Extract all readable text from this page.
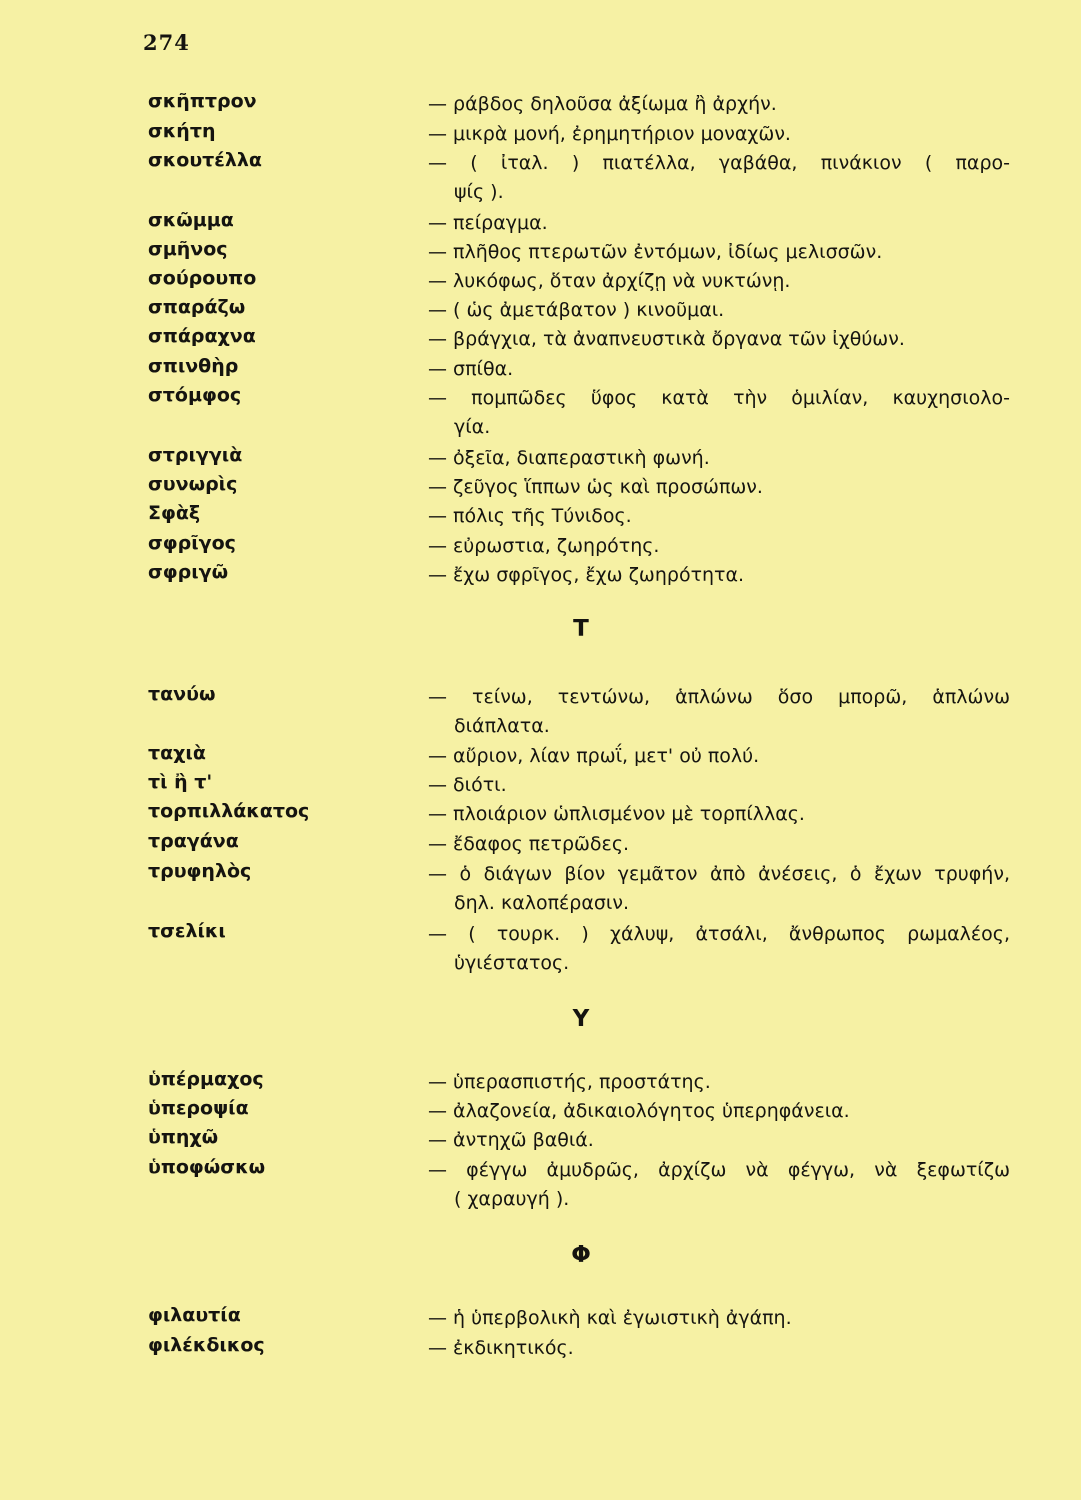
274
σκῆπτρον	— ράβδος δηλοῦσα ἀξίωμα ἢ ἀρχήν.
σκήτη	— μικρὰ μονή, ἐρημητήριον μοναχῶν.
σκουτέλλα	— ( ἰταλ. ) πιατέλλα, γαβάθα, πινάκιον ( παρο-
ψίς ).
σκῶμμα	— πείραγμα.
σμῆνος	— πλῆθος πτερωτῶν ἐντόμων, ἰδίως μελισσῶν.
σούρουπο	— λυκόφως, ὅταν ἀρχίζῃ νὰ νυκτώνῃ.
σπαράζω	— ( ὡς ἀμετάβατον ) κινοῦμαι.
σπάραχνα	— βράγχια, τὰ ἀναπνευστικὰ ὄργανα τῶν ἰχθύων.
σπινθὴρ	— σπίθα.
στόμφος	— πομπῶδες ὕφος κατὰ τὴν ὁμιλίαν, καυχησιολο-
γία.
στριγγιὰ	— ὀξεῖα, διαπεραστικὴ φωνή.
συνωρὶς	— ζεῦγος ἵππων ὡς καὶ προσώπων.
Σφὰξ	— πόλις τῆς Τύνιδος.
σφρῖγος	— εὐρωστια, ζωηρότης.
σφριγῶ	— ἔχω σφρῖγος, ἔχω ζωηρότητα.
Τ
τανύω	— τείνω, τεντώνω, ἁπλώνω ὅσο μπορῶ, ἁπλώνω
διάπλατα.
ταχιὰ	— αὔριον, λίαν πρωΐ, μετ' οὐ πολύ.
τὶ ἢ τ'	— διότι.
τορπιλλάκατος	— πλοιάριον ὡπλισμένον μὲ τορπίλλας.
τραγάνα	— ἔδαφος πετρῶδες.
τρυφηλὸς	— ὁ διάγων βίον γεμᾶτον ἀπὸ ἀνέσεις, ὁ ἔχων τρυφήν,
δηλ. καλοπέρασιν.
τσελίκι	— ( τουρκ. ) χάλυψ, ἀτσάλι, ἄνθρωπος ρωμαλέος,
ὑγιέστατος.
Υ
ὑπέρμαχος	— ὑπερασπιστής, προστάτης.
ὑπεροψία	— ἀλαζονεία, ἀδικαιολόγητος ὑπερηφάνεια.
ὑπηχῶ	— ἀντηχῶ βαθιά.
ὑποφώσκω	— φέγγω ἀμυδρῶς, ἀρχίζω νὰ φέγγω, νὰ ξεφωτίζω
( χαραυγή ).
Φ
φιλαυτία	— ἡ ὑπερβολικὴ καὶ ἐγωιστικὴ ἀγάπη.
φιλέκδικος	— ἐκδικητικός.
